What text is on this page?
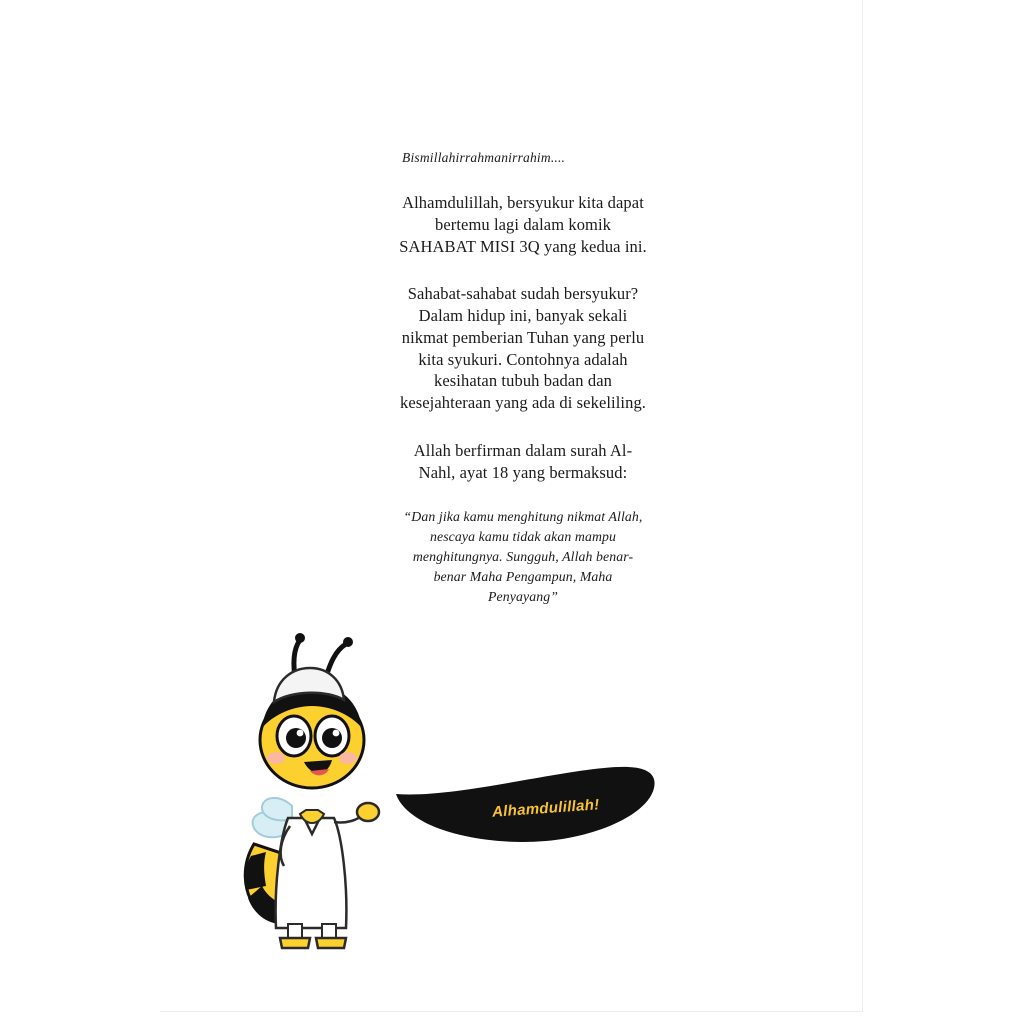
Bismillahirrahmanirrahim....

Alhamdulillah, bersyukur kita dapat bertemu lagi dalam komik SAHABAT MISI 3Q yang kedua ini.

Sahabat-sahabat sudah bersyukur? Dalam hidup ini, banyak sekali nikmat pemberian Tuhan yang perlu kita syukuri. Contohnya adalah kesihatan tubuh badan dan kesejahteraan yang ada di sekeliling.

Allah berfirman dalam surah Al-Nahl, ayat 18 yang bermaksud:

“Dan jika kamu menghitung nikmat Allah, nescaya kamu tidak akan mampu menghitungnya. Sungguh, Allah benar-benar Maha Pengampun, Maha Penyayang”

Alhamdulillah!
